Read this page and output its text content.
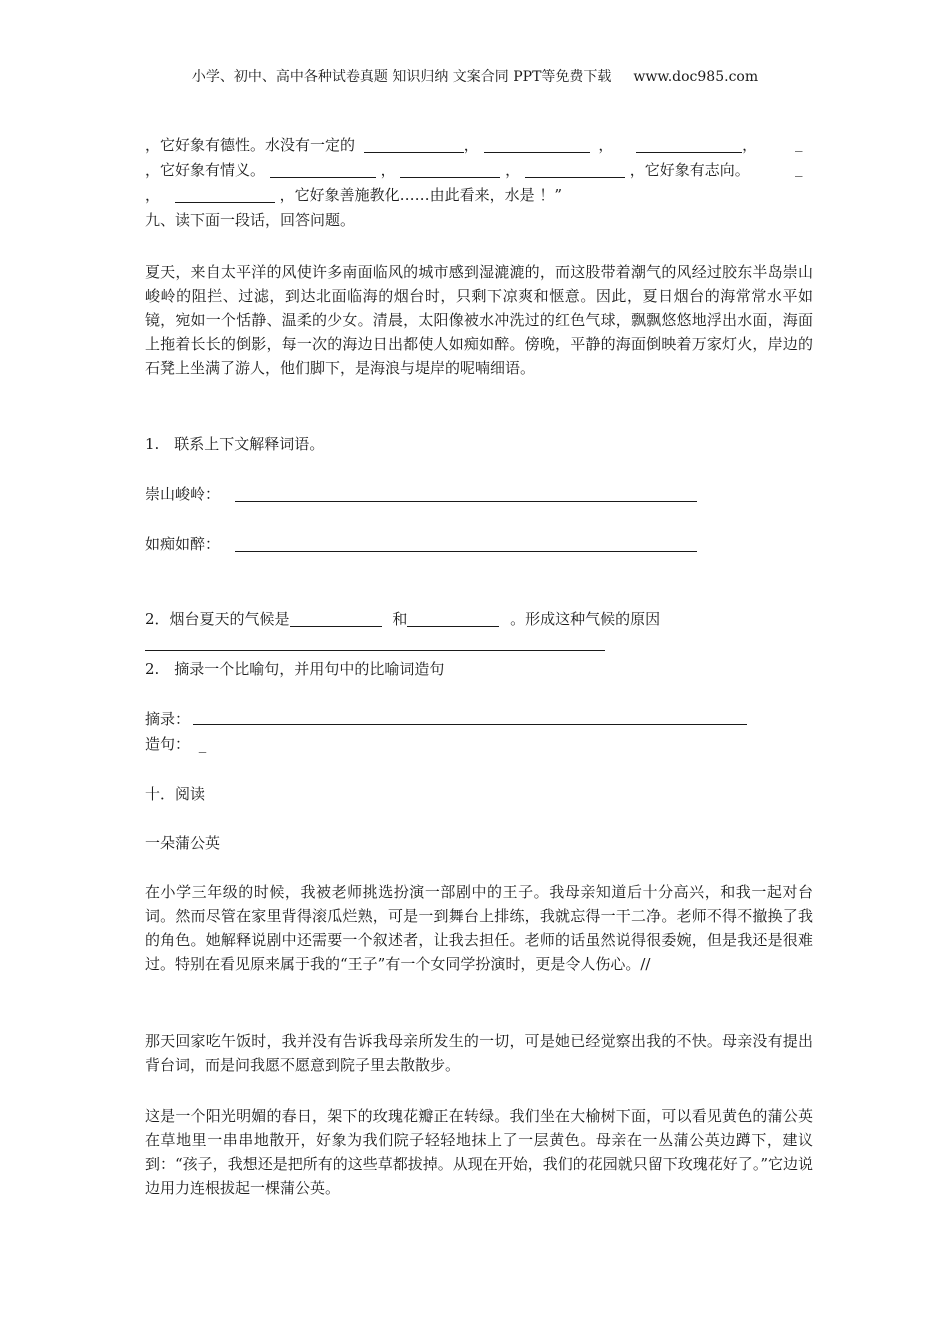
小学、初中、高中各种试卷真题 知识归纳 文案合同 PPT等免费下载 www.doc985.com
，它好象有德性。水没有一定的	，	，	，	_
，它好象有情义。	，	，	，它好象有志向。	_
，	，它好象善施教化……由此看来，水是 ！”
九、读下面一段话，回答问题。
夏天，来自太平洋的风使许多南面临风的城市感到湿漉漉的，而这股带着潮气的风经过胶东半岛崇山峻岭的阻拦、过滤，到达北面临海的烟台时，只剩下凉爽和惬意。因此，夏日烟台的海常常水平如镜，宛如一个恬静、温柔的少女。清晨，太阳像被水冲洗过的红色气球，飘飘悠悠地浮出水面，海面上拖着长长的倒影，每一次的海边日出都使人如痴如醉。傍晚，平静的海面倒映着万家灯火，岸边的石凳上坐满了游人，他们脚下，是海浪与堤岸的呢喃细语。
1.　联系上下文解释词语。
崇山峻岭：
如痴如醉：
2．烟台夏天的气候是	和	。形成这种气候的原因
2.　摘录一个比喻句，并用句中的比喻词造句
摘录：
造句： _
十．阅读
一朵蒲公英
在小学三年级的时候，我被老师挑选扮演一部剧中的王子。我母亲知道后十分高兴，和我一起对台词。然而尽管在家里背得滚瓜烂熟，可是一到舞台上排练，我就忘得一干二净。老师不得不撤换了我的角色。她解释说剧中还需要一个叙述者，让我去担任。老师的话虽然说得很委婉，但是我还是很难过。特别在看见原来属于我的“王子”有一个女同学扮演时，更是令人伤心。//
那天回家吃午饭时，我并没有告诉我母亲所发生的一切，可是她已经觉察出我的不快。母亲没有提出背台词，而是问我愿不愿意到院子里去散散步。
这是一个阳光明媚的春日，架下的玫瑰花瓣正在转绿。我们坐在大榆树下面，可以看见黄色的蒲公英在草地里一串串地散开，好象为我们院子轻轻地抹上了一层黄色。母亲在一丛蒲公英边蹲下，建议到：“孩子，我想还是把所有的这些草都拔掉。从现在开始，我们的花园就只留下玫瑰花好了。”它边说边用力连根拔起一棵蒲公英。
